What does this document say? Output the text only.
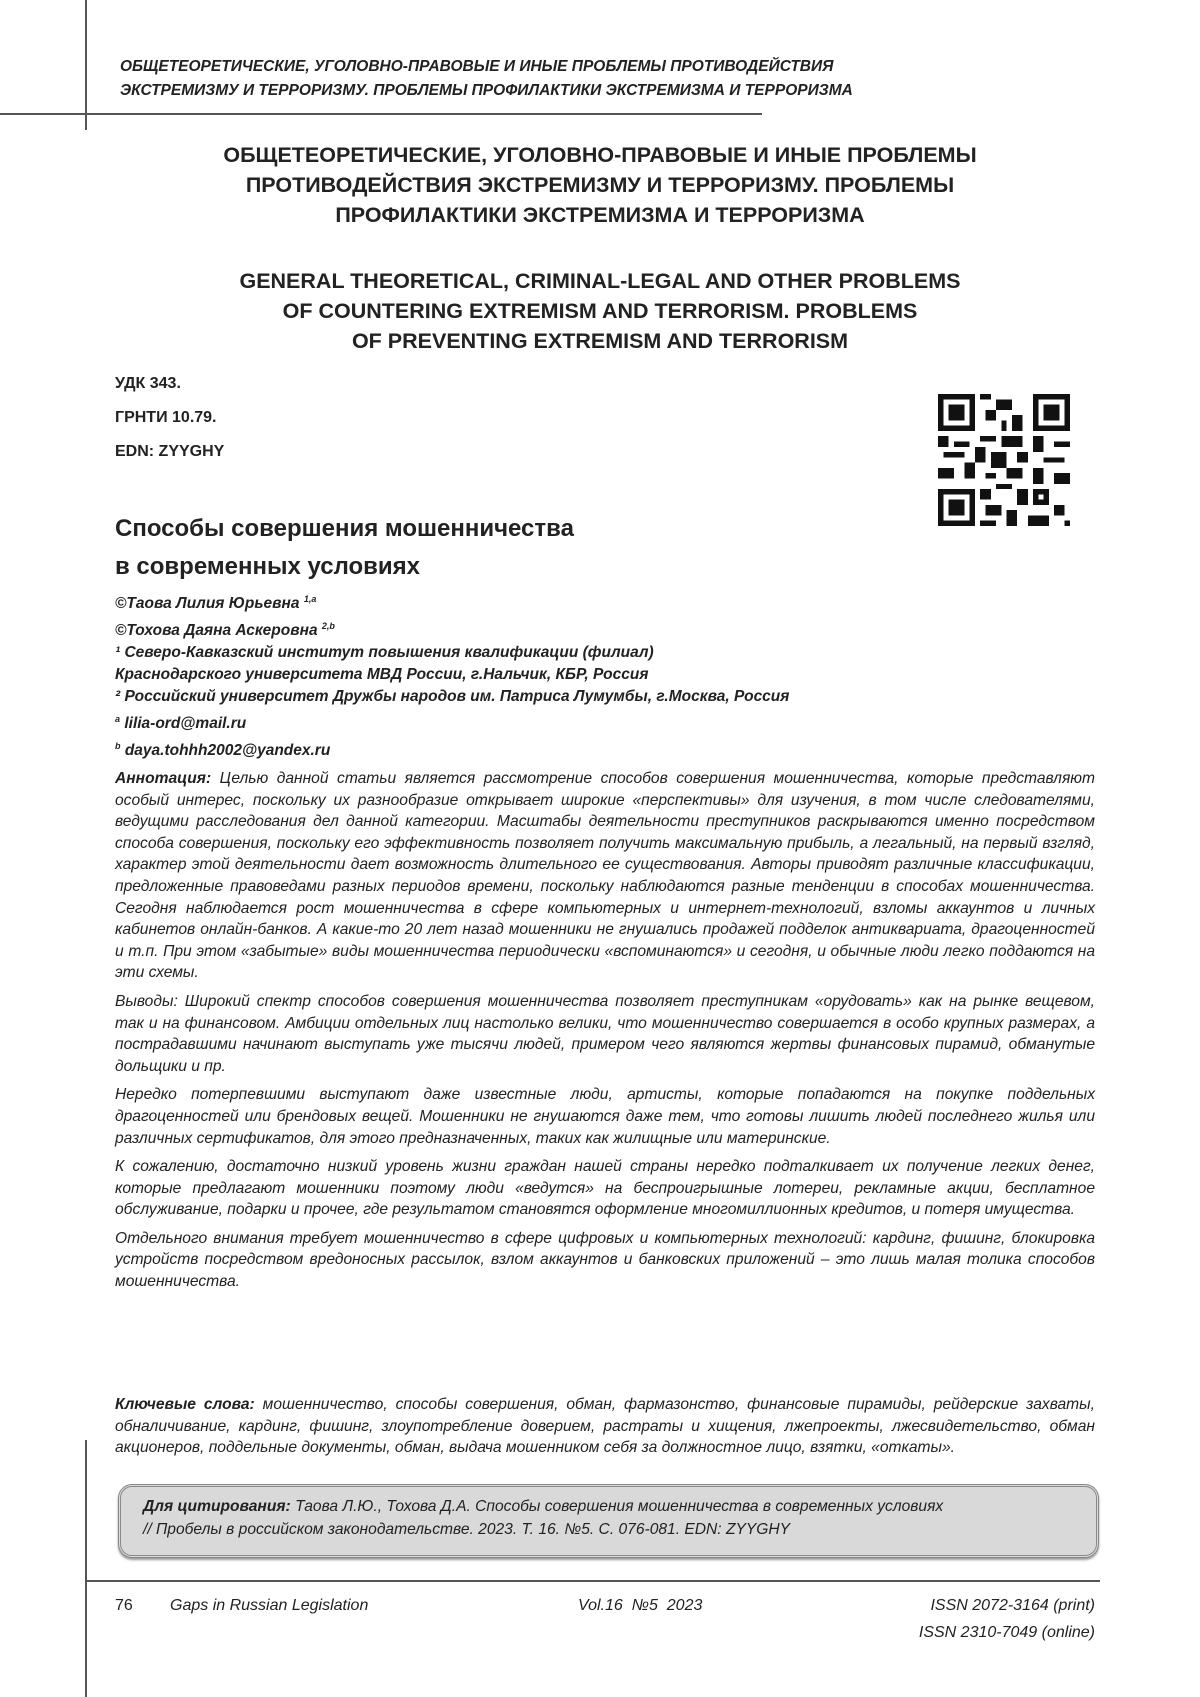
ОБЩЕТЕОРЕТИЧЕСКИЕ, УГОЛОВНО-ПРАВОВЫЕ И ИНЫЕ ПРОБЛЕМЫ ПРОТИВОДЕЙСТВИЯ
ЭКСТРЕМИЗМУ И ТЕРРОРИЗМУ. ПРОБЛЕМЫ ПРОФИЛАКТИКИ ЭКСТРЕМИЗМА И ТЕРРОРИЗМА
ОБЩЕТЕОРЕТИЧЕСКИЕ, УГОЛОВНО-ПРАВОВЫЕ И ИНЫЕ ПРОБЛЕМЫ
ПРОТИВОДЕЙСТВИЯ ЭКСТРЕМИЗМУ И ТЕРРОРИЗМУ. ПРОБЛЕМЫ
ПРОФИЛАКТИКИ ЭКСТРЕМИЗМА И ТЕРРОРИЗМА
GENERAL THEORETICAL, CRIMINAL-LEGAL AND OTHER PROBLEMS
OF COUNTERING EXTREMISM AND TERRORISM. PROBLEMS
OF PREVENTING EXTREMISM AND TERRORISM
УДК 343.
ГРНТИ 10.79.
EDN: ZYYGHY
Способы совершения мошенничества
в современных условиях
©Таова Лилия Юрьевна $^{1,a}$
©Тохова Даяна Аскеровна $^{2,b}$
¹ Северо-Кавказский институт повышения квалификации (филиал)
Краснодарского университета МВД России, г.Нальчик, КБР, Россия
² Российский университет Дружбы народов им. Патриса Лумумбы, г.Москва, Россия
$^a$ lilia-ord@mail.ru
$^b$ daya.tohhh2002@yandex.ru

Аннотация: Целью данной статьи является рассмотрение способов совершения мошенничества, которые представляют особый интерес, поскольку их разнообразие открывает широкие «перспективы» для изучения, в том числе следователями, ведущими расследования дел данной категории. Масштабы деятельности преступников раскрываются именно посредством способа совершения, поскольку его эффективность позволяет получить максимальную прибыль, а легальный, на первый взгляд, характер этой деятельности дает возможность длительного ее существования. Авторы приводят различные классификации, предложенные правоведами разных периодов времени, поскольку наблюдаются разные тенденции в способах мошенничества. Сегодня наблюдается рост мошенничества в сфере компьютерных и интернет-технологий, взломы аккаунтов и личных кабинетов онлайн-банков. А какие-то 20 лет назад мошенники не гнушались продажей подделок антиквариата, драгоценностей и т.п. При этом «забытые» виды мошенничества периодически «вспоминаются» и сегодня, и обычные люди легко поддаются на эти схемы.

Выводы: Широкий спектр способов совершения мошенничества позволяет преступникам «орудовать» как на рынке вещевом, так и на финансовом. Амбиции отдельных лиц настолько велики, что мошенничество совершается в особо крупных размерах, а пострадавшими начинают выступать уже тысячи людей, примером чего являются жертвы финансовых пирамид, обманутые дольщики и пр.

Нередко потерпевшими выступают даже известные люди, артисты, которые попадаются на покупке поддельных драгоценностей или брендовых вещей. Мошенники не гнушаются даже тем, что готовы лишить людей последнего жилья или различных сертификатов, для этого предназначенных, таких как жилищные или материнские.

К сожалению, достаточно низкий уровень жизни граждан нашей страны нередко подталкивает их получение легких денег, которые предлагают мошенники поэтому люди «ведутся» на беспроигрышные лотереи, рекламные акции, бесплатное обслуживание, подарки и прочее, где результатом становятся оформление многомиллионных кредитов, и потеря имущества.

Отдельного внимания требует мошенничество в сфере цифровых и компьютерных технологий: кардинг, фишинг, блокировка устройств посредством вредоносных рассылок, взлом аккаунтов и банковских приложений – это лишь малая толика способов мошенничества.

Ключевые слова: мошенничество, способы совершения, обман, фармазонство, финансовые пирамиды, рейдерские захваты, обналичивание, кардинг, фишинг, злоупотребление доверием, растраты и хищения, лжепроекты, лжесвидетельство, обман акционеров, поддельные документы, обман, выдача мошенником себя за должностное лицо, взятки, «откаты».
Для цитирования: Таова Л.Ю., Тохова Д.А. Способы совершения мошенничества в современных условиях
// Пробелы в российском законодательстве. 2023. Т. 16. №5. С. 076-081. EDN: ZYYGHY
76 Gaps in Russian Legislation	Vol.16  №5  2023	ISSN 2072-3164 (print)
ISSN 2310-7049 (online)
